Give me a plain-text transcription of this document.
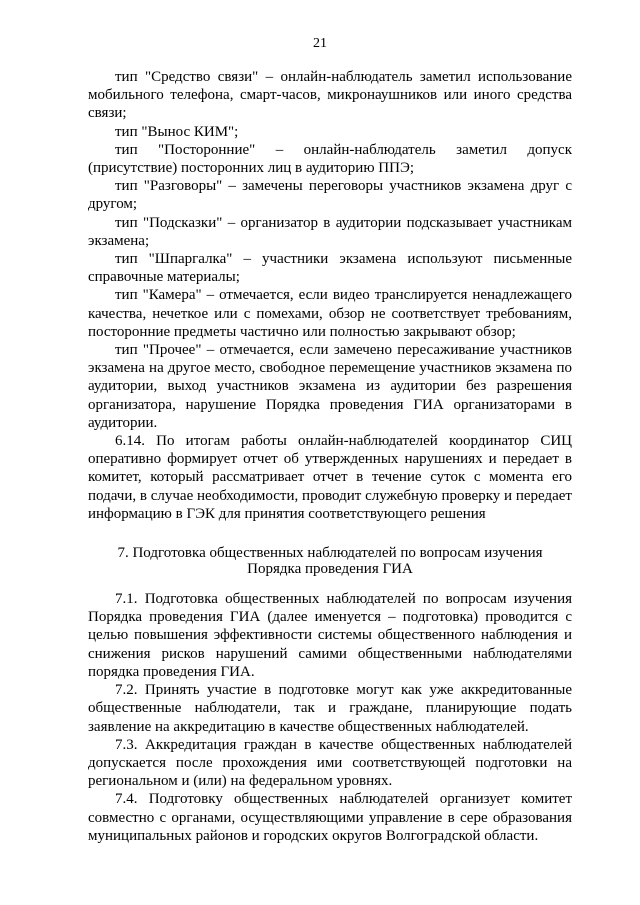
21

тип "Средство связи" – онлайн-наблюдатель заметил использование мобильного телефона, смарт-часов, микронаушников или иного средства связи;

тип "Вынос КИМ";

тип "Посторонние" – онлайн-наблюдатель заметил допуск (присутствие) посторонних лиц в аудиторию ППЭ;

тип "Разговоры" – замечены переговоры участников экзамена друг с другом;

тип "Подсказки" – организатор в аудитории подсказывает участникам экзамена;

тип "Шпаргалка" – участники экзамена используют письменные справочные материалы;

тип "Камера" – отмечается, если видео транслируется ненадлежащего качества, нечеткое или с помехами, обзор не соответствует требованиям, посторонние предметы частично или полностью закрывают обзор;

тип "Прочее" – отмечается, если замечено пересаживание участников экзамена на другое место, свободное перемещение участников экзамена по аудитории, выход участников экзамена из аудитории без разрешения организатора, нарушение Порядка проведения ГИА организаторами в аудитории.

6.14. По итогам работы онлайн-наблюдателей координатор СИЦ оперативно формирует отчет об утвержденных нарушениях и передает в комитет, который рассматривает отчет в течение суток с момента его подачи, в случае необходимости, проводит служебную проверку и передает информацию в ГЭК для принятия соответствующего решения

7. Подготовка общественных наблюдателей по вопросам изучения
Порядка проведения ГИА

7.1. Подготовка общественных наблюдателей по вопросам изучения Порядка проведения ГИА (далее именуется – подготовка) проводится с целью повышения эффективности системы общественного наблюдения и снижения рисков нарушений самими общественными наблюдателями порядка проведения ГИА.

7.2. Принять участие в подготовке могут как уже аккредитованные общественные наблюдатели, так и граждане, планирующие подать заявление на аккредитацию в качестве общественных наблюдателей.

7.3. Аккредитация граждан в качестве общественных наблюдателей допускается после прохождения ими соответствующей подготовки на региональном и (или) на федеральном уровнях.

7.4. Подготовку общественных наблюдателей организует комитет совместно с органами, осуществляющими управление в сере образования муниципальных районов и городских округов Волгоградской области.
